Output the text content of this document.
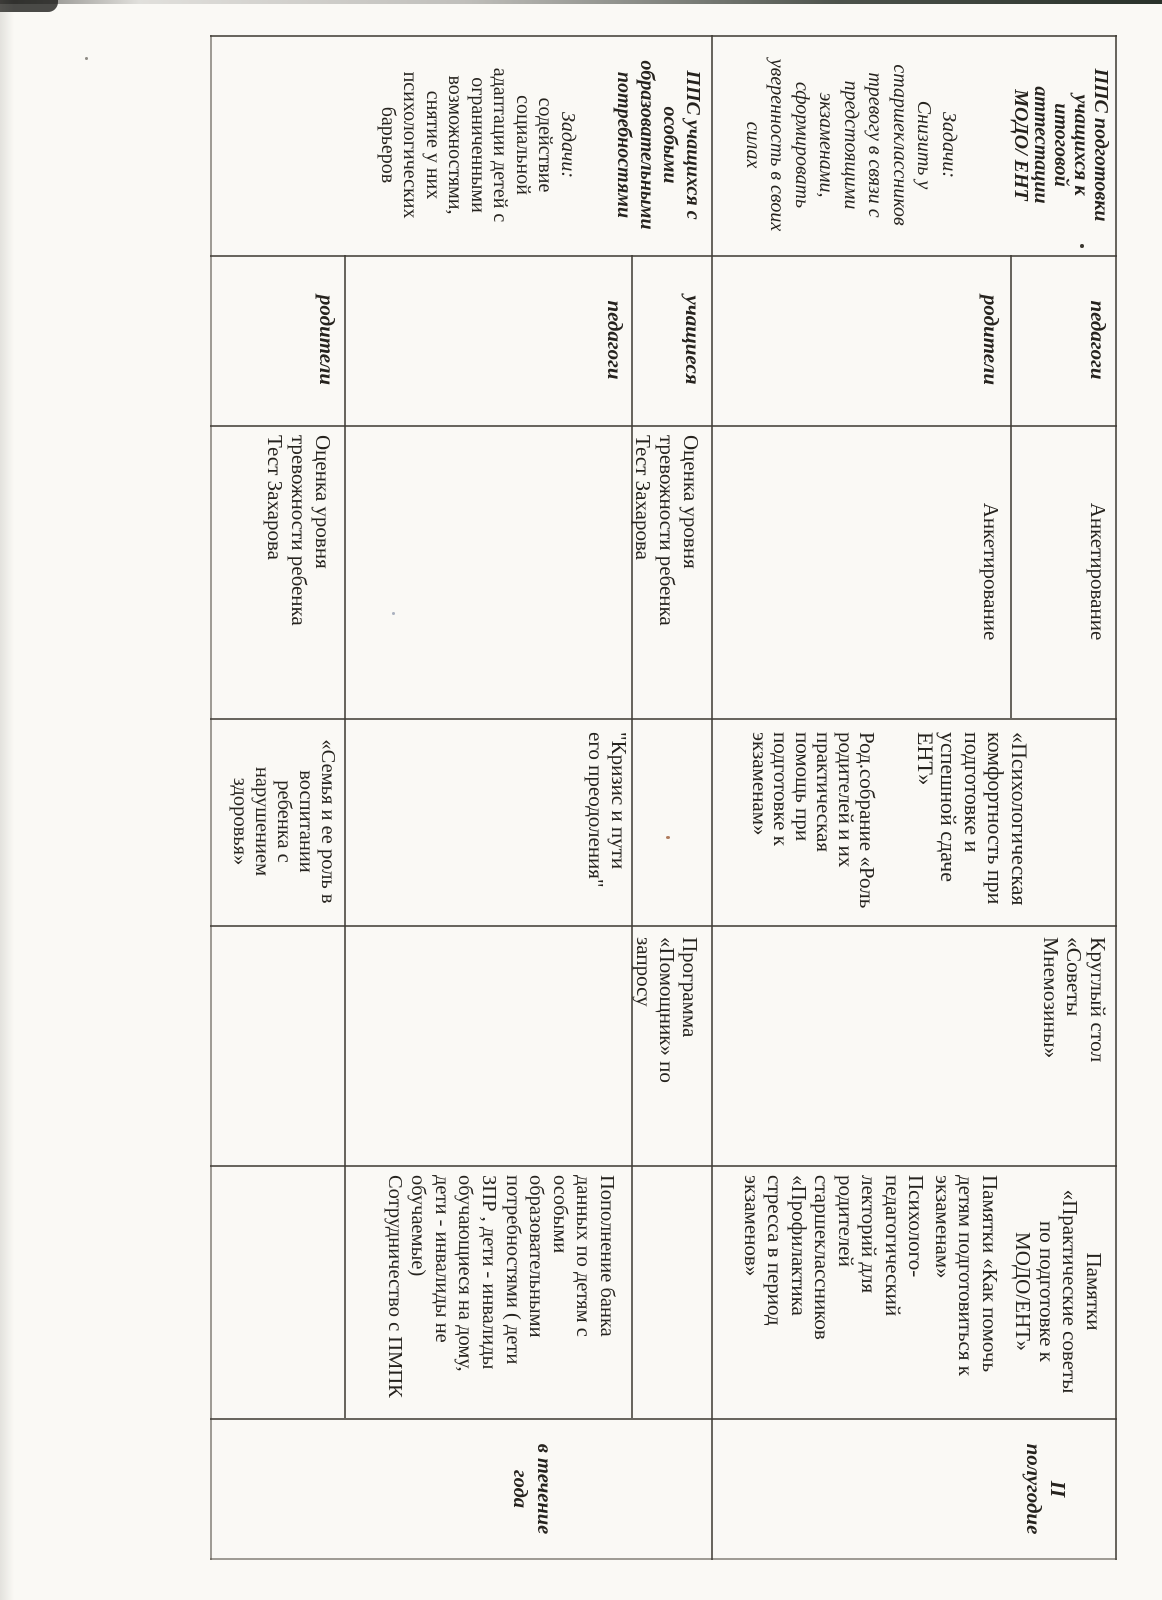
ППС подготовки учащихся к итоговой аттестации МОДО/ ЕНТ

Задачи:

Снизить у старшеклассников тревогу в связи с предстоящими экзаменами, сформировать уверенность в своих силах

педагоги

Анкетирование

родители

Анкетирование

«Психологическая комфортность при подготовке и успешной сдаче ЕНТ»

Род.собрание «Роль родителей и их практическая помощь при подготовке к экзаменам»

Круглый стол «Советы Мнемозины»

Памятки «Практические советы по подготовке к МОДО/ЕНТ»

Памятки «Как помочь детям подготовиться к экзаменам»

Психолого-педагогический лекторий для родителей старшеклассников «Профилактика стресса в период экзаменов»

II полугодие

ППС учащихся с особыми образовательными потребностями

Задачи:

содействие социальной адаптации детей с ограниченными возможностями, снятие у них психологических барьеров

учащиеся

Оценка уровня тревожности ребенка Тест Захарова

Программа «Помощник» по запросу

педагоги

"Кризис и пути его преодоления"

Пополнение банка данных по детям с особыми образовательными потребностями ( дети ЗПР , дети - инвалиды обучающиеся на дому, дети - инвалиды не обучаемые) Сотрудничество с ПМПК

родители

Оценка уровня тревожности ребенка Тест Захарова

«Семья и ее роль в воспитании ребенка с нарушением здоровья»

в течение года
